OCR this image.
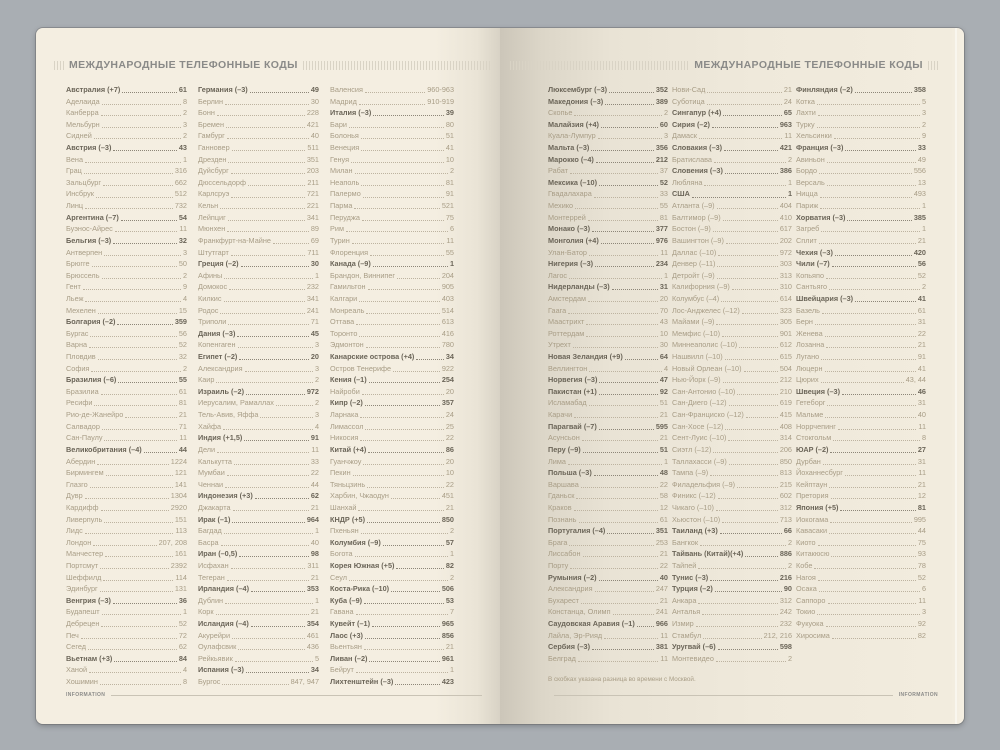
МЕЖДУНАРОДНЫЕ ТЕЛЕФОННЫЕ КОДЫ
Австралия (+7)	61
Аделаида	8
Канберра	2
Мельбурн	3
Сидней	2
Австрия (–3)	43
Вена	1
Грац	316
Зальцбург	662
Инсбрук	512
Линц	732
Аргентина (–7)	54
Буэнос-Айрес	11
Бельгия (–3)	32
Антверпен	3
Брюгге	50
Брюссель	2
Гент	9
Льеж	4
Мехелен	15
Болгария (–2)	359
Бургас	56
Варна	52
Пловдив	32
София	2
Бразилия (–6)	55
Бразилиа	61
Ресифи	81
Рио-де-Жанейро	21
Салвадор	71
Сан-Паулу	11
Великобритания (–4)	44
Абердин	1224
Бирмингем	121
Глазго	141
Дувр	1304
Кардифф	2920
Ливерпуль	151
Лидс	113
Лондон	207, 208
Манчестер	161
Портсмут	2392
Шеффилд	114
Эдинбург	131
Венгрия (–3)	36
Будапешт	1
Дебрецен	52
Печ	72
Сегед	62
Вьетнам (+3)	84
Ханой	4
Хошимин	8
Германия (–3)	49
Берлин	30
Бонн	228
Бремен	421
Гамбург	40
Ганновер	511
Дрезден	351
Дуйсбург	203
Дюссельдорф	211
Карлсруэ	721
Кельн	221
Лейпциг	341
Мюнхен	89
Франкфурт-на-Майне	69
Штутгарт	711
Греция (–2)	30
Афины	1
Домокос	232
Килкис	341
Родос	241
Триполи	71
Дания (–3)	45
Копенгаген	3
Египет (–2)	20
Александрия	3
Каир	2
Израиль (–2)	972
Иерусалим, Рамаллах	2
Тель-Авив, Яффа	3
Хайфа	4
Индия (+1,5)	91
Дели	11
Калькутта	33
Мумбаи	22
Ченнаи	44
Индонезия (+3)	62
Джакарта	21
Ирак (–1)	964
Багдад	1
Басра	40
Иран (–0,5)	98
Исфахан	311
Тегеран	21
Ирландия (–4)	353
Дублин	1
Корк	21
Исландия (–4)	354
Акурейри	461
Оулафсвик	436
Рейкьявик	5
Испания (–3)	34
Бургос	847, 947
Валенсия	960-963
Мадрид	910-919
Италия (–3)	39
Бари	80
Болонья	51
Венеция	41
Генуя	10
Милан	2
Неаполь	81
Палермо	91
Парма	521
Перуджа	75
Рим	6
Турин	11
Флоренция	55
Канада (–9)	1
Брандон, Виннипег	204
Гамильтон	905
Калгари	403
Монреаль	514
Оттава	613
Торонто	416
Эдмонтон	780
Канарские острова (+4)	34
Остров Тенерифе	922
Кения (–1)	254
Найроби	20
Кипр (–2)	357
Ларнака	24
Лимассол	25
Никосия	22
Китай (+4)	86
Гуанчжоу	20
Пекин	10
Тяньцзинь	22
Харбин, Чжаодун	451
Шанхай	21
КНДР (+5)	850
Пхеньян	2
Колумбия (–9)	57
Богота	1
Корея Южная (+5)	82
Сеул	2
Коста-Рика (–10)	506
Куба (–9)	53
Гавана	7
Кувейт (–1)	965
Лаос (+3)	856
Вьентьян	21
Ливан (–2)	961
Бейрут	1
Лихтенштейн (–3)	423
INFORMATION
МЕЖДУНАРОДНЫЕ ТЕЛЕФОННЫЕ КОДЫ
Люксембург (–3)	352
Македония (–3)	389
Скопье	2
Малайзия (+4)	60
Куала-Лумпур	3
Мальта (–3)	356
Марокко (–4)	212
Рабат	37
Мексика (–10)	52
Гвадалахара	33
Мехико	55
Монтеррей	81
Монако (–3)	377
Монголия (+4)	976
Улан-Батор	11
Нигерия (–3)	234
Лагос	1
Нидерланды (–3)	31
Амстердам	20
Гаага	70
Маастрихт	43
Роттердам	10
Утрехт	30
Новая Зеландия (+9)	64
Веллингтон	4
Норвегия (–3)	47
Пакистан (+1)	92
Исламабад	51
Карачи	21
Парагвай (–7)	595
Асунсьон	21
Перу (–9)	51
Лима	1
Польша (–3)	48
Варшава	22
Гданьск	58
Краков	12
Познань	61
Португалия (–4)	351
Брага	253
Лиссабон	21
Порту	22
Румыния (–2)	40
Александрия	247
Бухарест	21
Констанца, Олимп	241
Саудовская Аравия (–1)	966
Лайла, Эр-Рияд	11
Сербия (–3)	381
Белград	11
Нови-Сад	21
Суботица	24
Сингапур (+4)	65
Сирия (–2)	963
Дамаск	11
Словакия (–3)	421
Братислава	2
Словения (–3)	386
Любляна	1
США	1
Атланта (–9)	404
Балтимор (–9)	410
Бостон (–9)	617
Вашингтон (–9)	202
Даллас (–10)	972
Денвер (–11)	303
Детройт (–9)	313
Калифорния (–9)	310
Колумбус (–4)	614
Лос-Анджелес (–12)	323
Майами (–9)	305
Мемфис (–10)	901
Миннеаполис (–10)	612
Нашвилл (–10)	615
Новый Орлеан (–10)	504
Нью-Йорк (–9)	212
Сан-Антонио (–10)	210
Сан-Диего (–12)	619
Сан-Франциско (–12)	415
Сан-Хосе (–12)	408
Сент-Луис (–10)	314
Сиэтл (–12)	206
Таллахасси (–9)	850
Тампа (–9)	813
Филадельфия (–9)	215
Финикс (–12)	602
Чикаго (–10)	312
Хьюстон (–10)	713
Таиланд (+3)	66
Бангкок	2
Тайвань (Китай)(+4)	886
Тайпей	2
Тунис (–3)	216
Турция (–2)	90
Анкара	312
Анталья	242
Измир	232
Стамбул	212, 216
Уругвай (–6)	598
Монтевидео	2
Финляндия (–2)	358
Котка	5
Лахти	3
Турку	2
Хельсинки	9
Франция (–3)	33
Авиньон	49
Бордо	556
Версаль	13
Ницца	493
Париж	1
Хорватия (–3)	385
Загреб	1
Сплит	21
Чехия (–3)	420
Чили (–7)	56
Копьяпо	52
Сантьяго	2
Швейцария (–3)	41
Базель	61
Берн	31
Женева	22
Лозанна	21
Лугано	91
Люцерн	41
Цюрих	43, 44
Швеция (–3)	46
Гетеборг	31
Мальме	40
Норрчепинг	11
Стокгольм	8
ЮАР (–2)	27
Дурбан	31
Йоханнесбург	11
Кейптаун	21
Претория	12
Япония (+5)	81
Иокогама	995
Кавасаки	44
Киото	75
Китакюсю	93
Кобе	78
Нагоя	52
Осака	6
Саппоро	11
Токио	3
Фукуока	92
Хиросима	82
В скобках указана разница во времени с Москвой.
INFORMATION
